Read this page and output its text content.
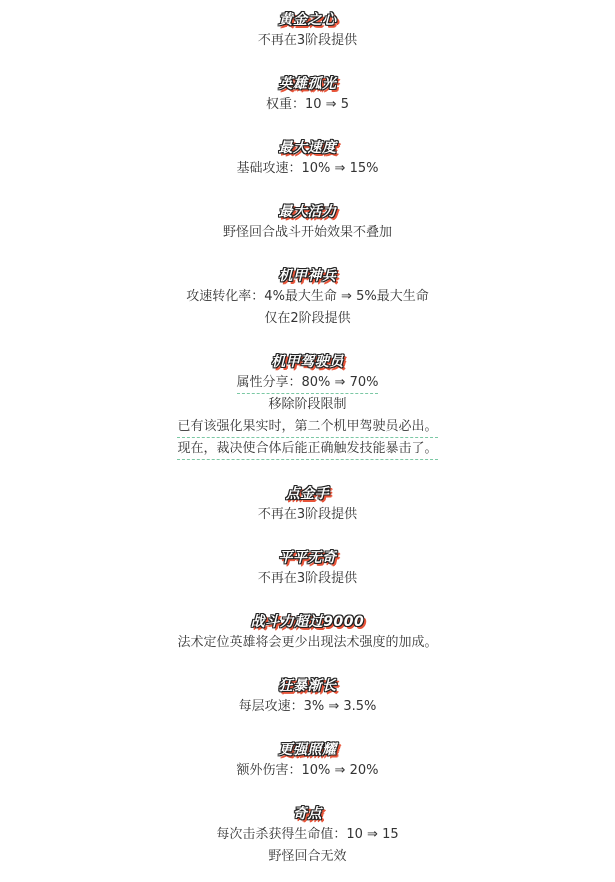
黄金之心
不再在3阶段提供
英雄孤光
权重：10 ⇒ 5
最大速度
基础攻速：10% ⇒ 15%
最大活力
野怪回合战斗开始效果不叠加
机甲神兵
攻速转化率：4%最大生命 ⇒ 5%最大生命
仅在2阶段提供
机甲驾驶员
属性分享：80% ⇒ 70%
移除阶段限制
已有该强化果实时，第二个机甲驾驶员必出。
现在，裁决使合体后能正确触发技能暴击了。
点金手
不再在3阶段提供
平平无奇
不再在3阶段提供
战斗力超过9000
法术定位英雄将会更少出现法术强度的加成。
狂暴渐长
每层攻速：3% ⇒ 3.5%
更强照耀
额外伤害：10% ⇒ 20%
奇点
每次击杀获得生命值：10 ⇒ 15
野怪回合无效
